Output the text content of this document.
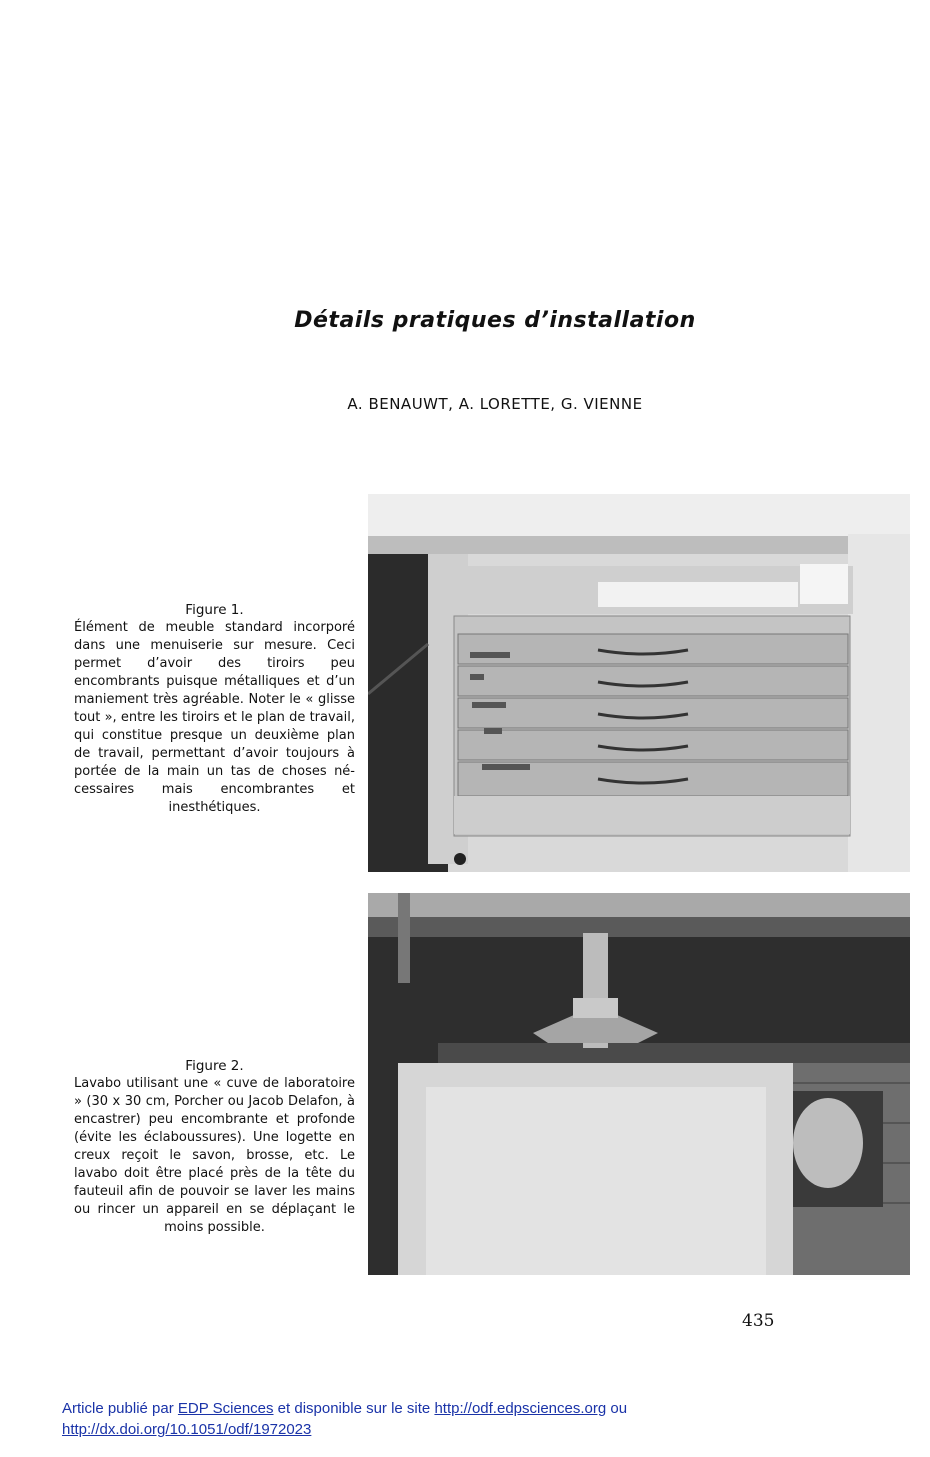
Détails pratiques d’installation
A. BENAUWT, A. LORETTE, G. VIENNE
Figure 1.
Élément de meuble standard incorporé dans une menuiserie sur mesure. Ceci permet d’avoir des tiroirs peu encombrants puisque métalliques et d’un maniement très agréable. Noter le « glisse tout », entre les tiroirs et le plan de travail, qui constitue presque un deuxième plan de travail, permettant d’avoir toujours à portée de la main un tas de choses né- cessaires mais encombrantes et inesthétiques.
Figure 2.
Lavabo utilisant une « cuve de laboratoire » (30 x 30 cm, Porcher ou Jacob Delafon, à encastrer) peu encombrante et profonde (évite les éclaboussures). Une logette en creux reçoit le savon, brosse, etc. Le lavabo doit être placé près de la tête du fauteuil afin de pouvoir se laver les mains ou rincer un appareil en se déplaçant le moins possible.
435
Article publié par EDP Sciences et disponible sur le site http://odf.edpsciences.org ou
http://dx.doi.org/10.1051/odf/1972023
